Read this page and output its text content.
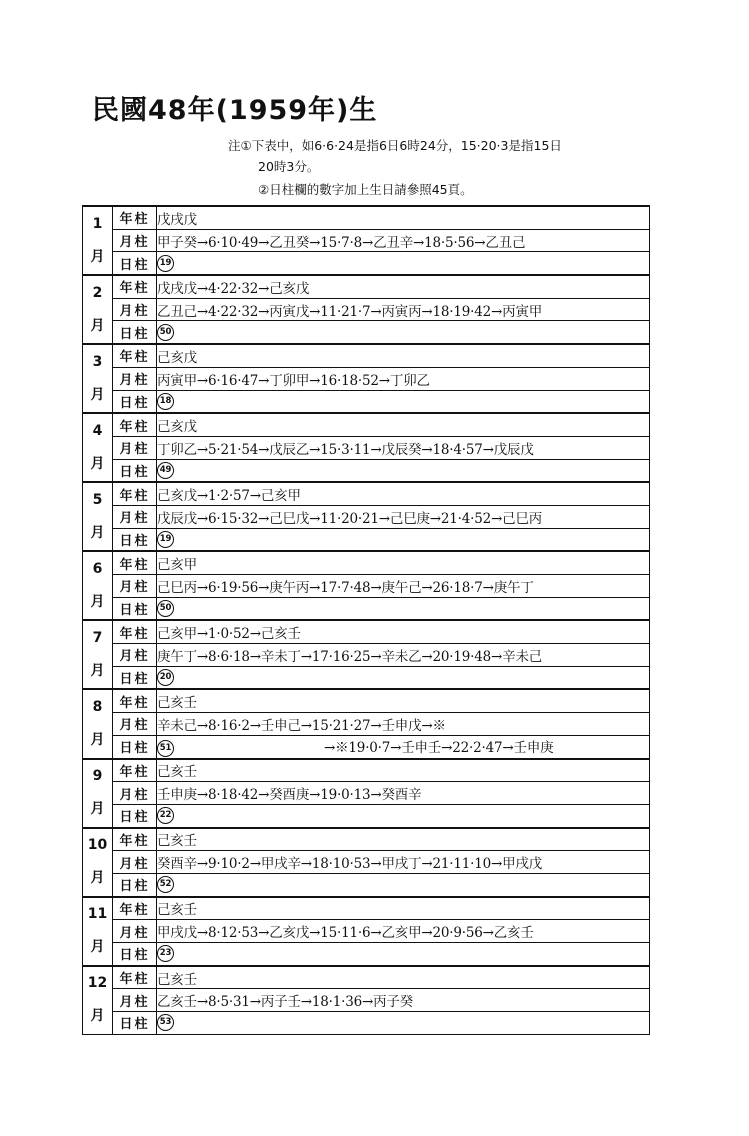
民國48年(1959年)生
注①下表中，如6·6·24是指6日6時24分，15·20·3是指15日
20時3分。
②日柱欄的數字加上生日請參照45頁。
1
月	年柱	戊戌戊
	月柱	甲子癸→6·10·49→乙丑癸→15·7·8→乙丑辛→18·5·56→乙丑己
	日柱	19

2
月	年柱	戊戌戊→4·22·32→己亥戊
	月柱	乙丑己→4·22·32→丙寅戊→11·21·7→丙寅丙→18·19·42→丙寅甲
	日柱	50

3
月	年柱	己亥戊
	月柱	丙寅甲→6·16·47→丁卯甲→16·18·52→丁卯乙
	日柱	18

4
月	年柱	己亥戊
	月柱	丁卯乙→5·21·54→戊辰乙→15·3·11→戊辰癸→18·4·57→戊辰戊
	日柱	49

5
月	年柱	己亥戊→1·2·57→己亥甲
	月柱	戊辰戊→6·15·32→己巳戊→11·20·21→己巳庚→21·4·52→己巳丙
	日柱	19

6
月	年柱	己亥甲
	月柱	己巳丙→6·19·56→庚午丙→17·7·48→庚午己→26·18·7→庚午丁
	日柱	50

7
月	年柱	己亥甲→1·0·52→己亥壬
	月柱	庚午丁→8·6·18→辛未丁→17·16·25→辛未乙→20·19·48→辛未己
	日柱	20

8
月	年柱	己亥壬
	月柱	辛未己→8·16·2→壬申己→15·21·27→壬申戊→※
	日柱	51 →※19·0·7→壬申壬→22·2·47→壬申庚

9
月	年柱	己亥壬
	月柱	壬申庚→8·18·42→癸酉庚→19·0·13→癸酉辛
	日柱	22

10
月	年柱	己亥壬
	月柱	癸酉辛→9·10·2→甲戌辛→18·10·53→甲戌丁→21·11·10→甲戌戊
	日柱	52

11
月	年柱	己亥壬
	月柱	甲戌戊→8·12·53→乙亥戊→15·11·6→乙亥甲→20·9·56→乙亥壬
	日柱	23

12
月	年柱	己亥壬
	月柱	乙亥壬→8·5·31→丙子壬→18·1·36→丙子癸
	日柱	53
